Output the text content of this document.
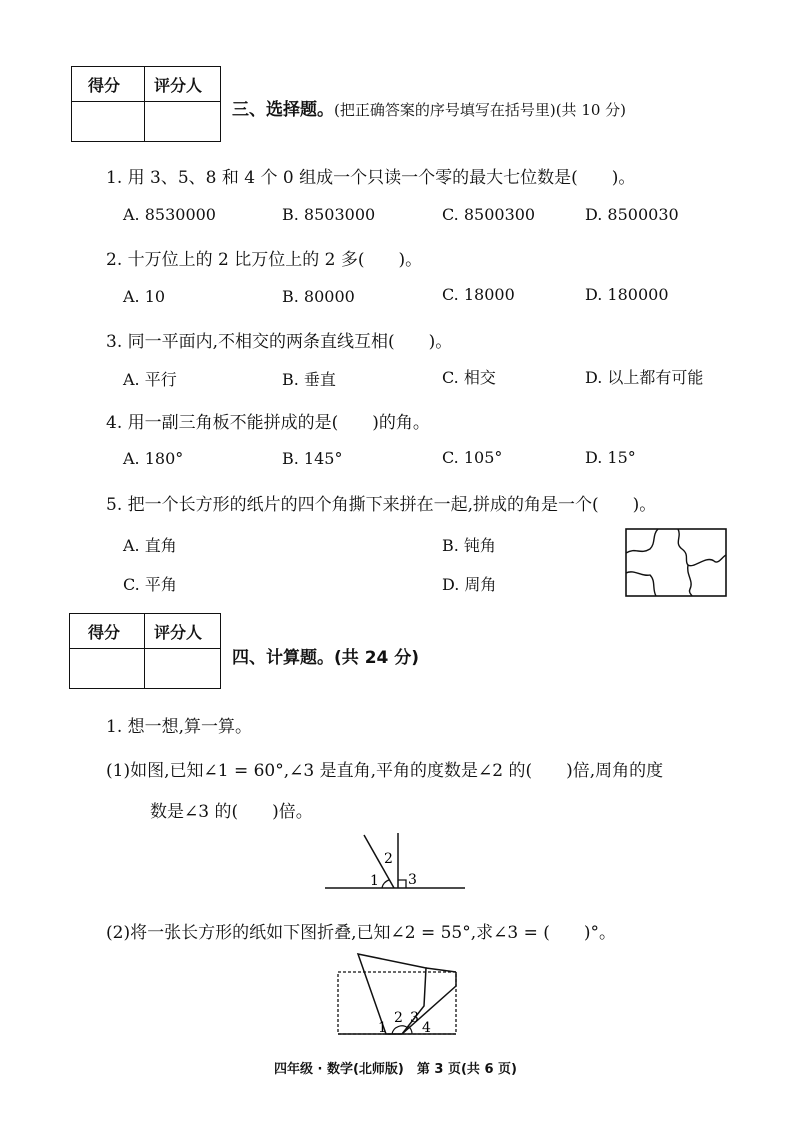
得分 评分人
三、选择题。(把正确答案的序号填写在括号里)(共 10 分)
1. 用 3、5、8 和 4 个 0 组成一个只读一个零的最大七位数是(　　)。
A. 8530000	B. 8503000	C. 8500300	D. 8500030
2. 十万位上的 2 比万位上的 2 多(　　)。
A. 10	B. 80000	C. 18000	D. 180000
3. 同一平面内,不相交的两条直线互相(　　)。
A. 平行	B. 垂直	C. 相交	D. 以上都有可能
4. 用一副三角板不能拼成的是(　　)的角。
A. 180°	B. 145°	C. 105°	D. 15°
5. 把一个长方形的纸片的四个角撕下来拼在一起,拼成的角是一个(　　)。
A. 直角	B. 钝角
C. 平角	D. 周角
得分 评分人
四、计算题。(共 24 分)
1. 想一想,算一算。
(1)如图,已知∠1 = 60°,∠3 是直角,平角的度数是∠2 的(　　)倍,周角的度
数是∠3 的(　　)倍。
1
2
3
(2)将一张长方形的纸如下图折叠,已知∠2 = 55°,求∠3 = (　　)°。
1
2 3
4
四年级 · 数学(北师版)　第 3 页(共 6 页)
